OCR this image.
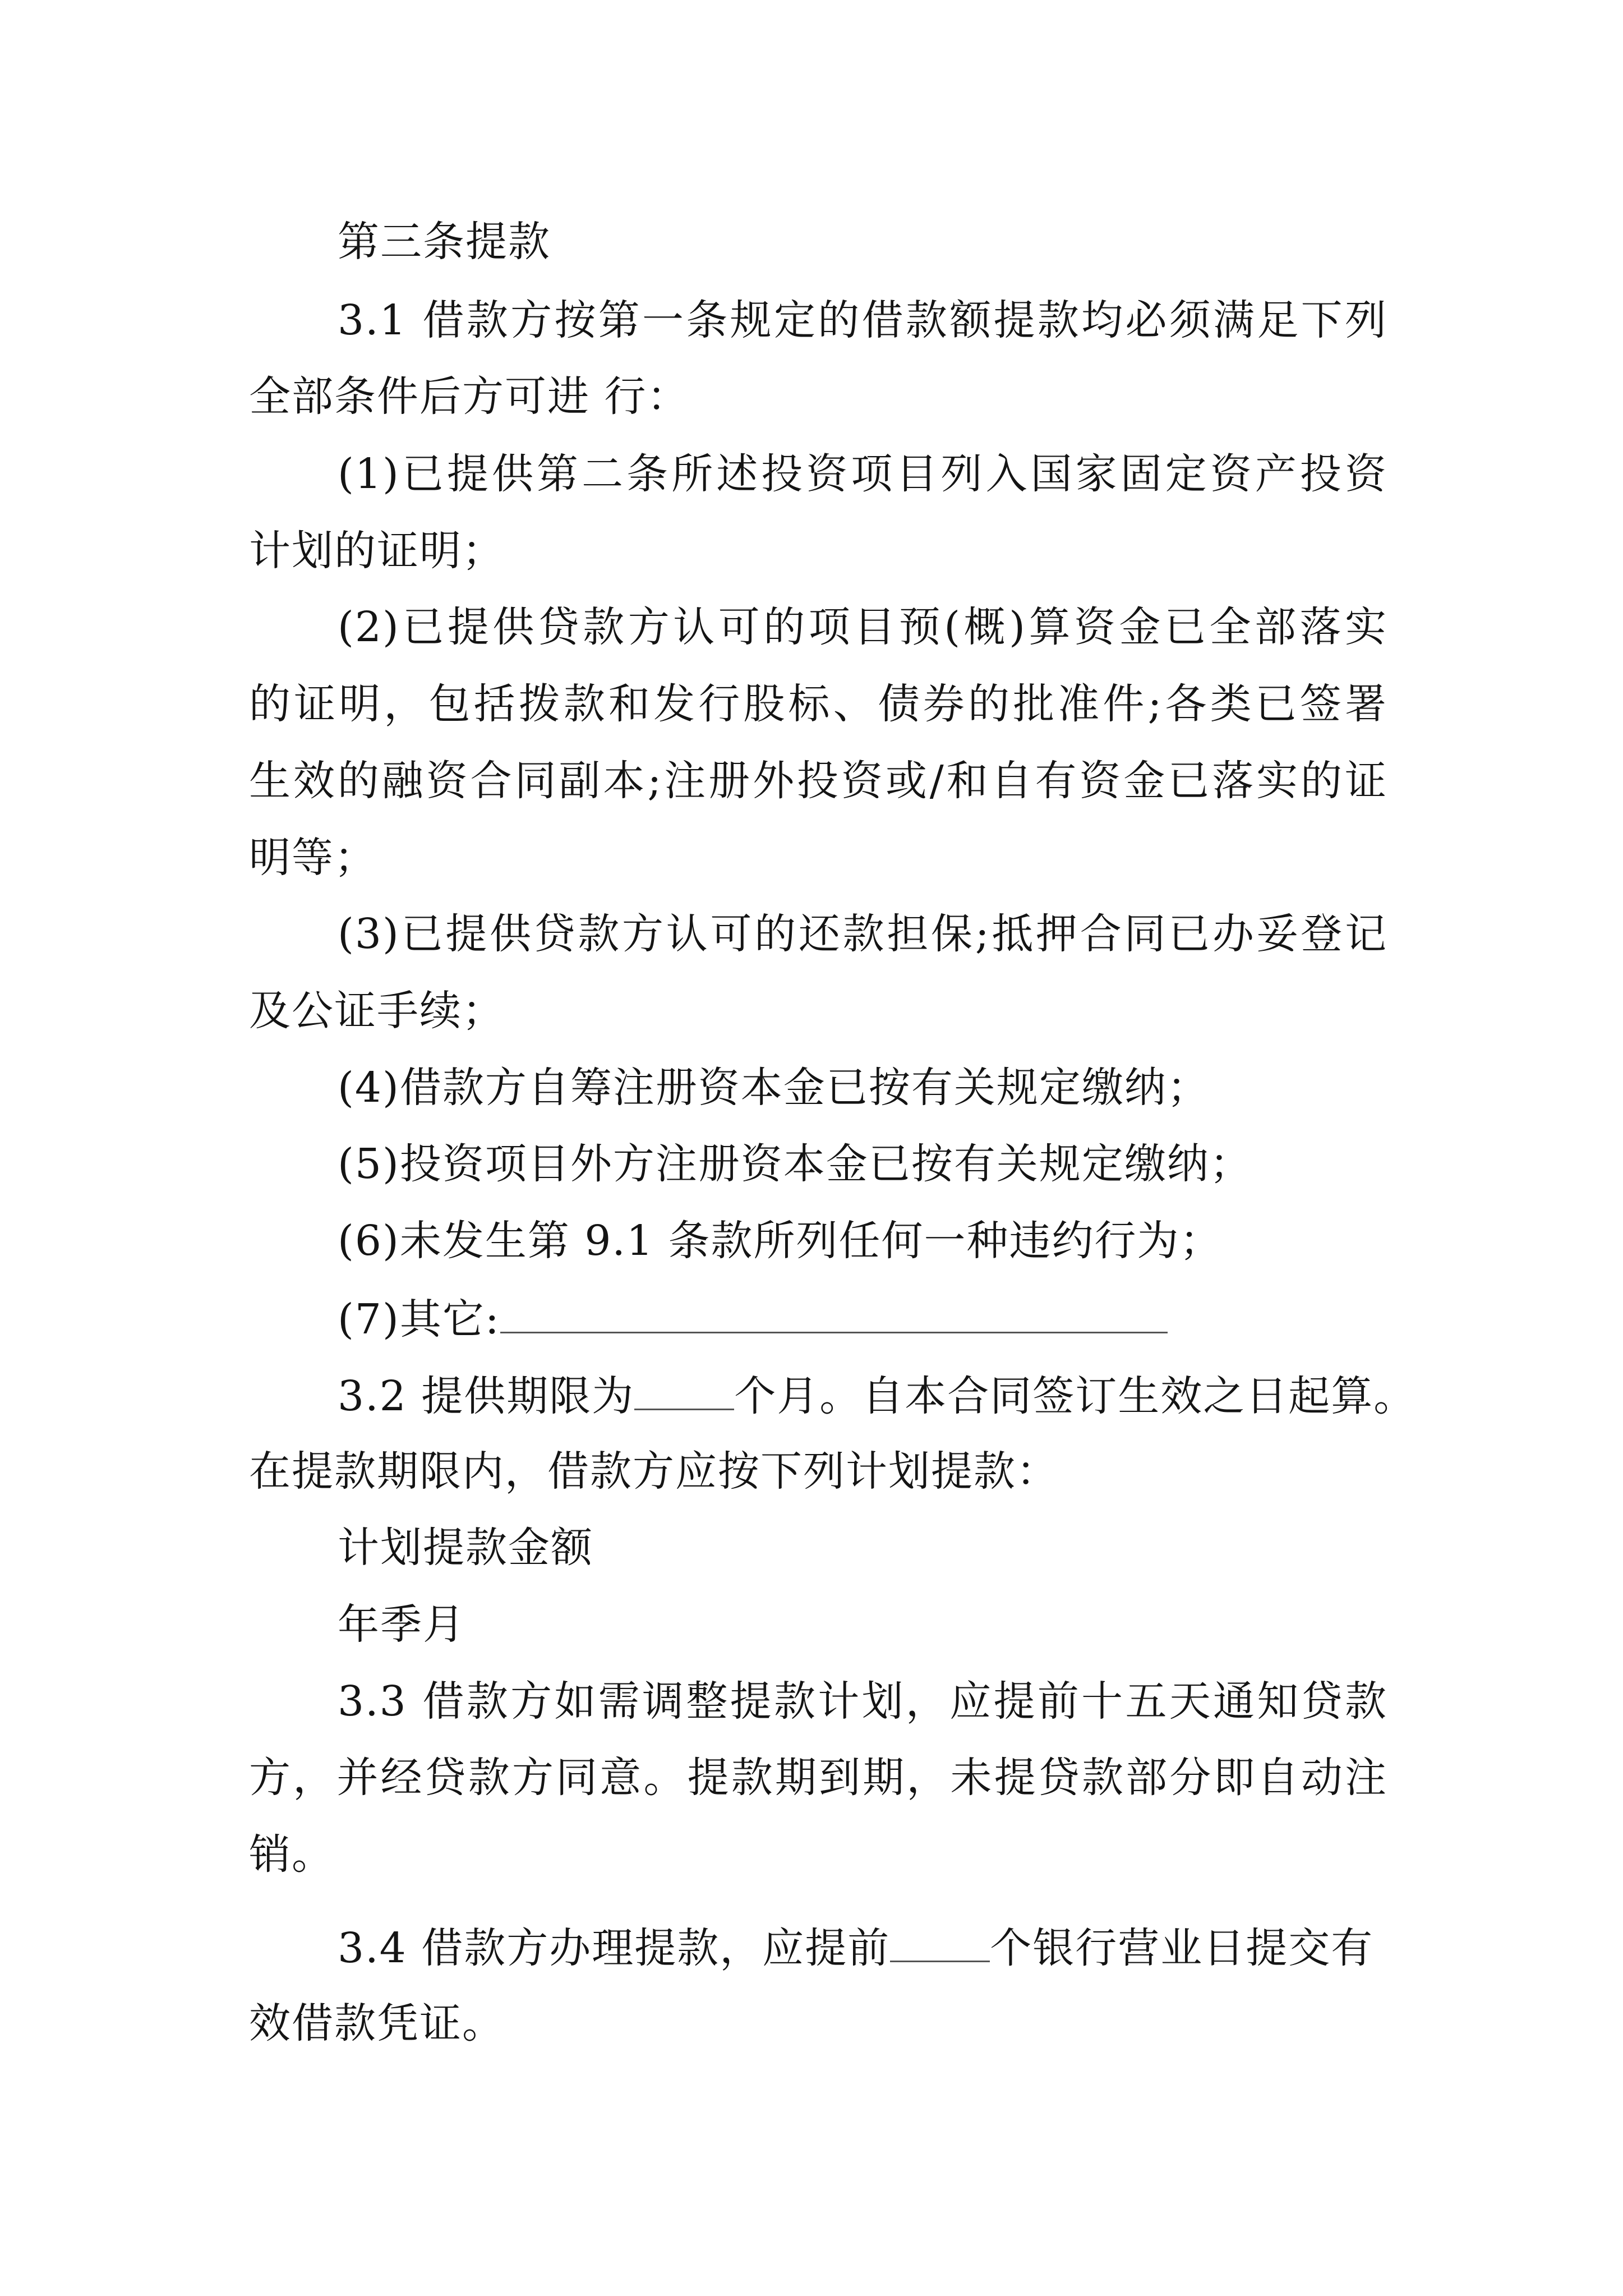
第三条提款
3.1 借款方按第一条规定的借款额提款均必须满足下列
全部条件后方可进 行：
(1)已提供第二条所述投资项目列入国家固定资产投资
计划的证明；
(2)已提供贷款方认可的项目预(概)算资金已全部落实
的证明，包括拨款和发行股标、债券的批准件;各类已签署
生效的融资合同副本;注册外投资或/和自有资金已落实的证
明等；
(3)已提供贷款方认可的还款担保;抵押合同已办妥登记
及公证手续；
(4)借款方自筹注册资本金已按有关规定缴纳；
(5)投资项目外方注册资本金已按有关规定缴纳；
(6)未发生第 9.1 条款所列任何一种违约行为；
(7)其它:
3.2 提供期限为 个月。自本合同签订生效之日起算。
在提款期限内，借款方应按下列计划提款：
计划提款金额
年季月
3.3 借款方如需调整提款计划，应提前十五天通知贷款
方，并经贷款方同意。提款期到期，未提贷款部分即自动注
销。
3.4 借款方办理提款，应提前 个银行营业日提交有
效借款凭证。
